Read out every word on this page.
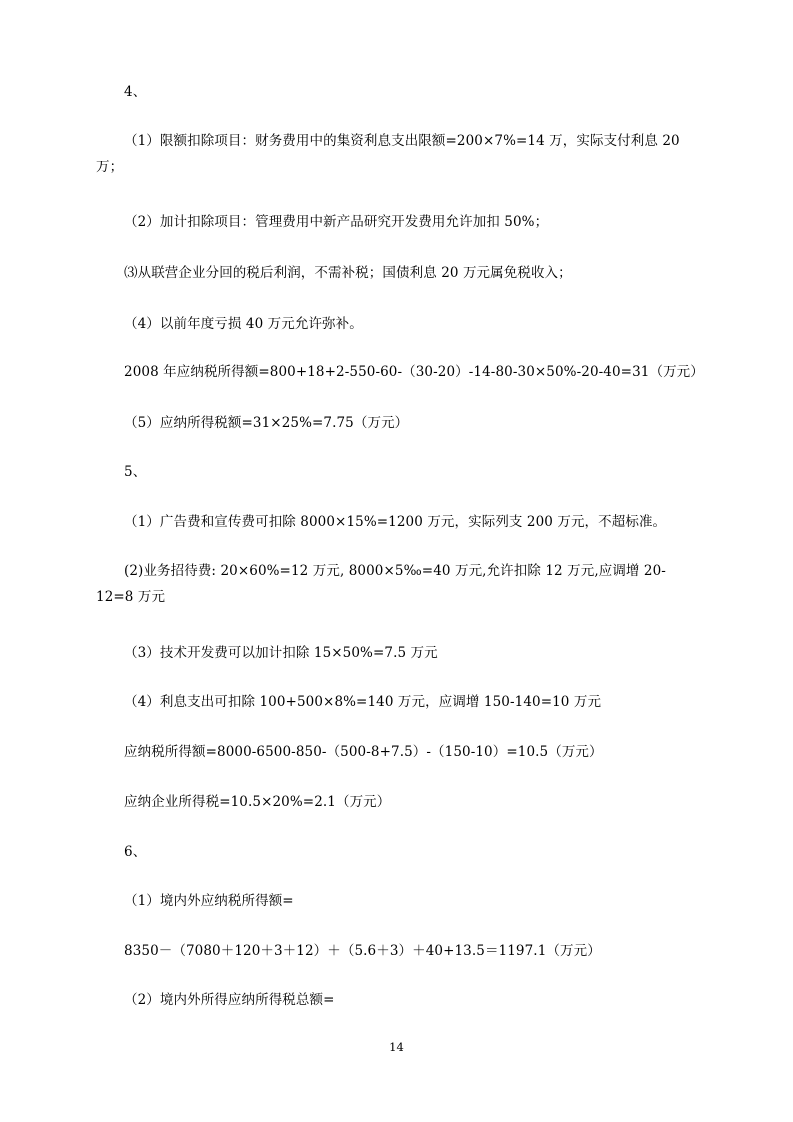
4、
（1）限额扣除项目：财务费用中的集资利息支出限额=200×7%=14 万，实际支付利息 20 万；
（2）加计扣除项目：管理费用中新产品研究开发费用允许加扣 50%；
⑶从联营企业分回的税后利润，不需补税；国债利息 20 万元属免税收入；
（4）以前年度亏损 40 万元允许弥补。
2008 年应纳税所得额=800+18+2-550-60-（30-20）-14-80-30×50%-20-40=31（万元）
（5）应纳所得税额=31×25%=7.75（万元）
5、
（1）广告费和宣传费可扣除 8000×15%=1200 万元，实际列支 200 万元，不超标准。
(2)业务招待费: 20×60%=12 万元, 8000×5‰=40 万元,允许扣除 12 万元,应调增 20-12=8 万元
（3）技术开发费可以加计扣除 15×50%=7.5 万元
（4）利息支出可扣除 100+500×8%=140 万元，应调增 150-140=10 万元
应纳税所得额=8000-6500-850-（500-8+7.5）-（150-10）=10.5（万元）
应纳企业所得税=10.5×20%=2.1（万元）
6、
（1）境内外应纳税所得额=
8350－（7080＋120＋3＋12）＋（5.6＋3）＋40+13.5＝1197.1（万元）
（2）境内外所得应纳所得税总额=
14
